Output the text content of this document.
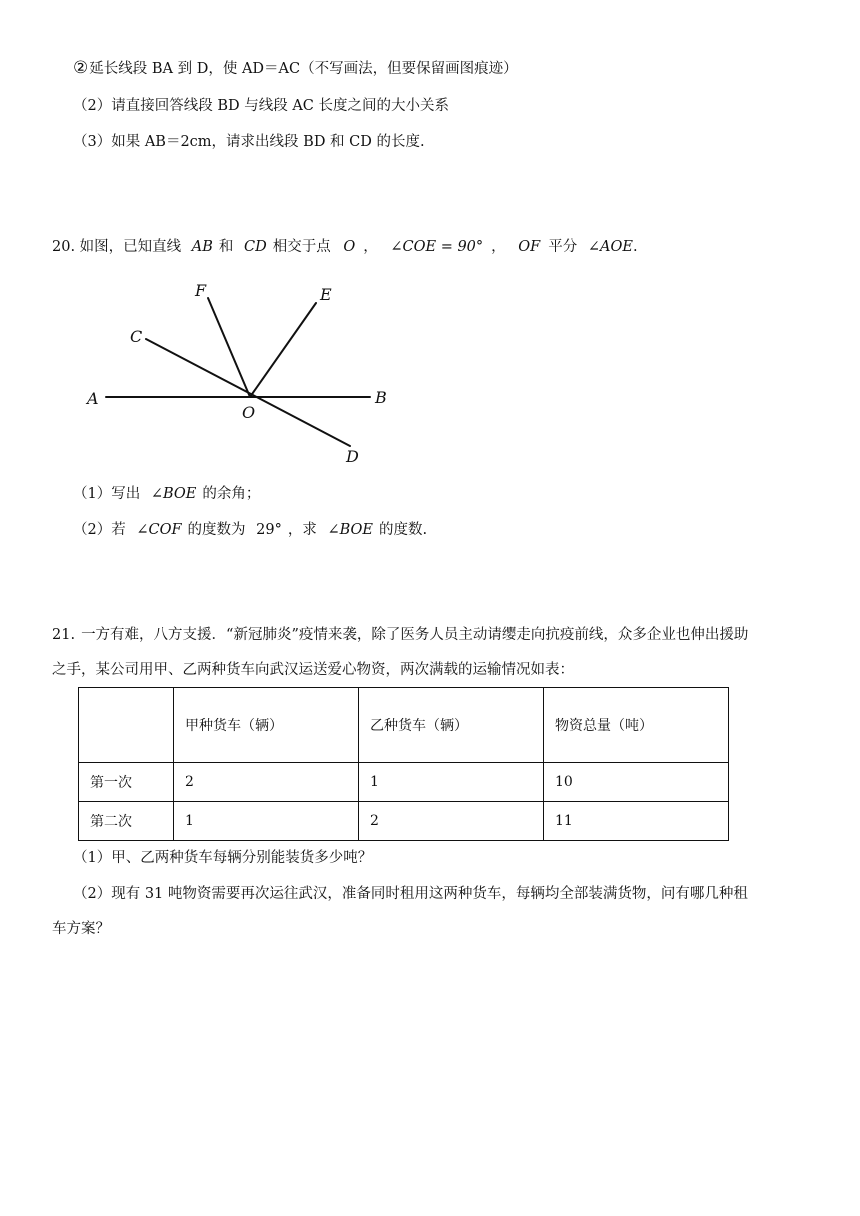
②延长线段 BA 到 D，使 AD＝AC（不写画法，但要保留画图痕迹）
（2）请直接回答线段 BD 与线段 AC 长度之间的大小关系
（3）如果 AB＝2cm，请求出线段 BD 和 CD 的长度.
20. 如图，已知直线 AB 和 CD 相交于点 O ， ∠COE = 90° ， OF 平分 ∠AOE.
A	B
C
D
E
F
O
（1）写出 ∠BOE 的余角；
（2）若 ∠COF 的度数为 29° ，求 ∠BOE 的度数.
21. 一方有难，八方支援．“新冠肺炎”疫情来袭，除了医务人员主动请缨走向抗疫前线，众多企业也伸出援助
之手，某公司用甲、乙两种货车向武汉运送爱心物资，两次满载的运输情况如表：
	甲种货车（辆）	乙种货车（辆）	物资总量（吨）
第一次	2	1	10
第二次	1	2	11
（1）甲、乙两种货车每辆分别能装货多少吨？
（2）现有 31 吨物资需要再次运往武汉，准备同时租用这两种货车，每辆均全部装满货物，问有哪几种租
车方案？
